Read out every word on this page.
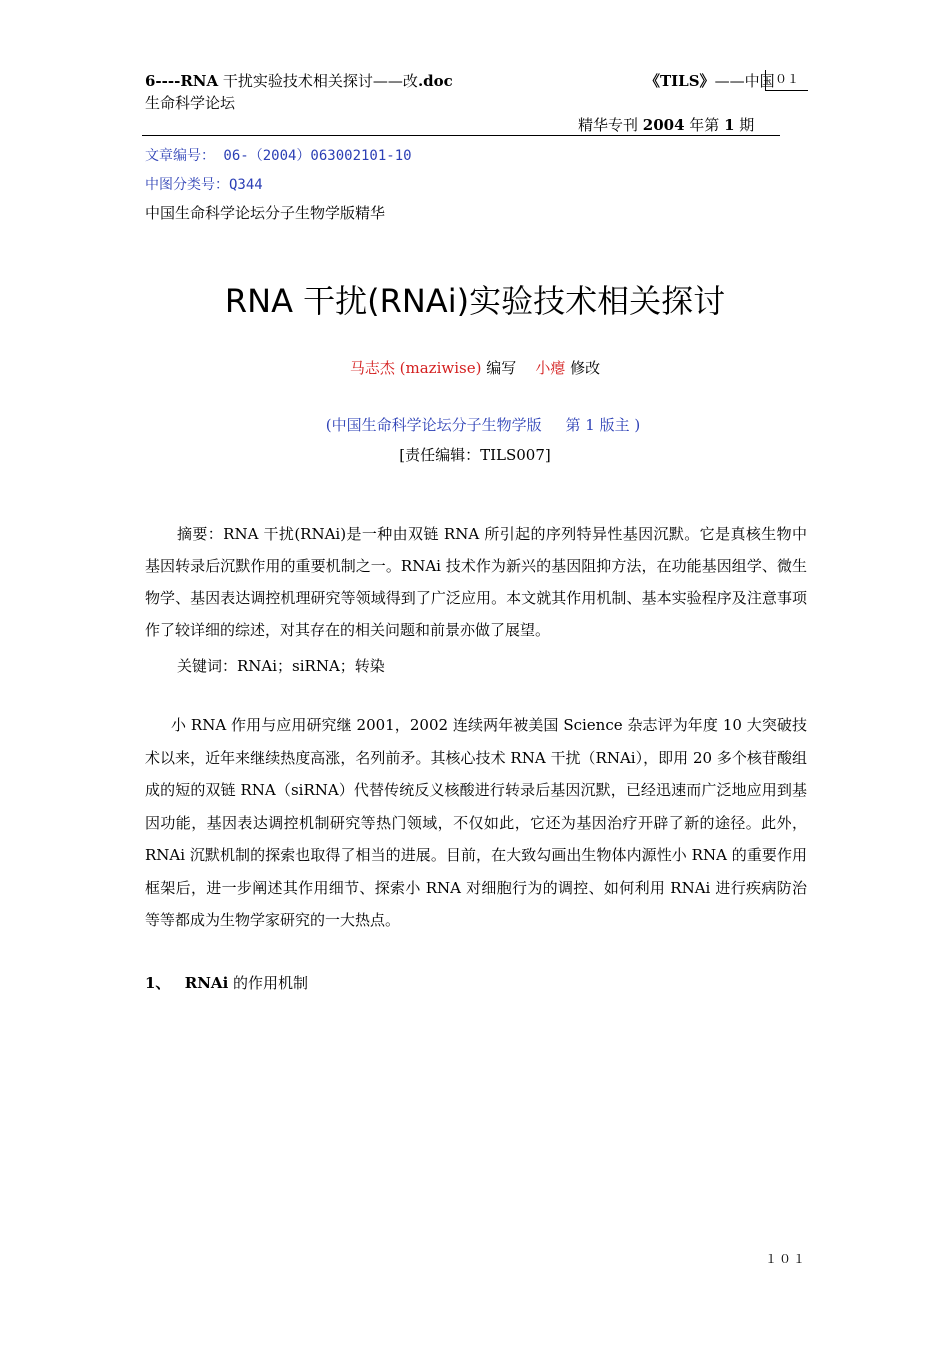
6----RNA 干扰实验技术相关探讨——改.doc	《TILS》——中国 ０１
生命科学论坛
精华专刊 2004 年第 1 期
文章编号： 06-（2004）063002101-10
中图分类号：Q344
中国生命科学论坛分子生物学版精华
RNA 干扰(RNAi)实验技术相关探讨
马志杰 (maziwise) 编写 小瘪 修改
(中国生命科学论坛分子生物学版     第 1 版主 )
[责任编辑：TILS007]
摘要：RNA 干扰(RNAi)是一种由双链 RNA 所引起的序列特异性基因沉默。它是真核生物中基因转录后沉默作用的重要机制之一。RNAi 技术作为新兴的基因阻抑方法，在功能基因组学、微生物学、基因表达调控机理研究等领域得到了广泛应用。本文就其作用机制、基本实验程序及注意事项作了较详细的综述，对其存在的相关问题和前景亦做了展望。
关键词：RNAi；siRNA；转染
小 RNA 作用与应用研究继 2001，2002 连续两年被美国 Science 杂志评为年度 10 大突破技术以来，近年来继续热度高涨，名列前矛。其核心技术 RNA 干扰（RNAi），即用 20 多个核苷酸组成的短的双链 RNA（siRNA）代替传统反义核酸进行转录后基因沉默，已经迅速而广泛地应用到基因功能，基因表达调控机制研究等热门领域，不仅如此，它还为基因治疗开辟了新的途径。此外，RNAi 沉默机制的探索也取得了相当的进展。目前，在大致勾画出生物体内源性小 RNA 的重要作用框架后，进一步阐述其作用细节、探索小 RNA 对细胞行为的调控、如何利用 RNAi 进行疾病防治等等都成为生物学家研究的一大热点。
1、 RNAi 的作用机制
１０１
